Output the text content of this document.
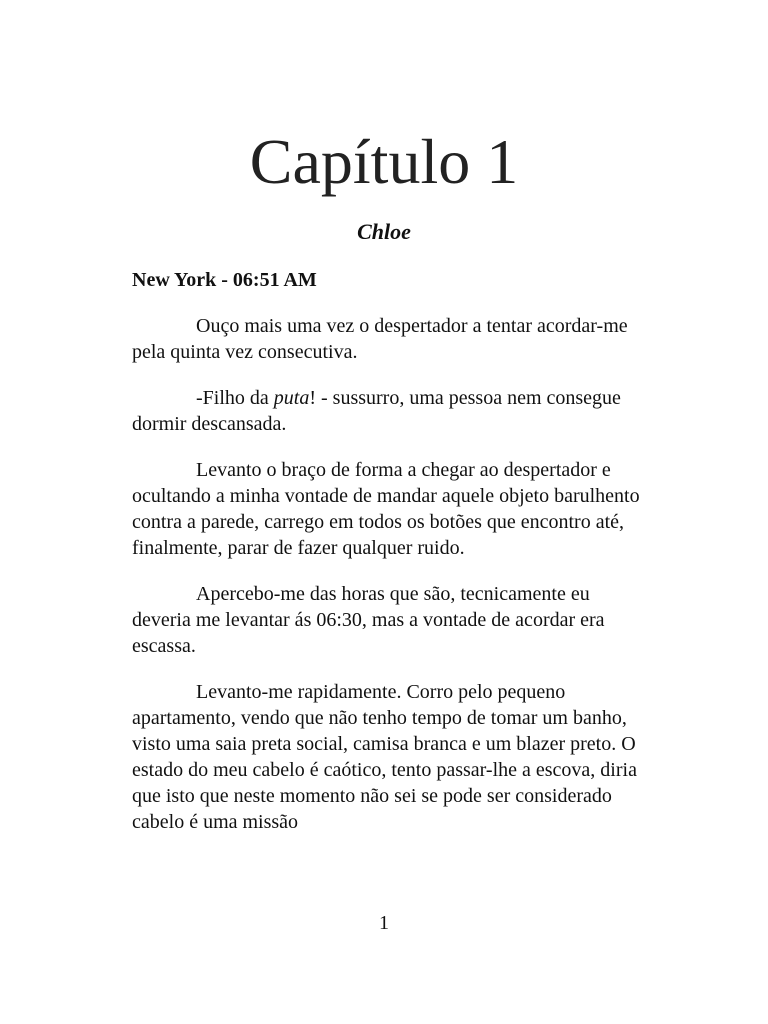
Capítulo 1
Chloe

New York - 06:51 AM

Ouço mais uma vez o despertador a tentar acordar-me pela quinta vez consecutiva.

-Filho da puta! - sussurro, uma pessoa nem consegue dormir descansada.

Levanto o braço de forma a chegar ao despertador e ocultando a minha vontade de mandar aquele objeto barulhento contra a parede, carrego em todos os botões que encontro até, finalmente, parar de fazer qualquer ruido.

Apercebo-me das horas que são, tecnicamente eu deveria me levantar ás 06:30, mas a vontade de acordar era escassa.

Levanto-me rapidamente. Corro pelo pequeno apartamento, vendo que não tenho tempo de tomar um banho, visto uma saia preta social, camisa branca e um blazer preto. O estado do meu cabelo é caótico, tento passar-lhe a escova, diria que isto que neste momento não sei se pode ser considerado cabelo é uma missão

1
